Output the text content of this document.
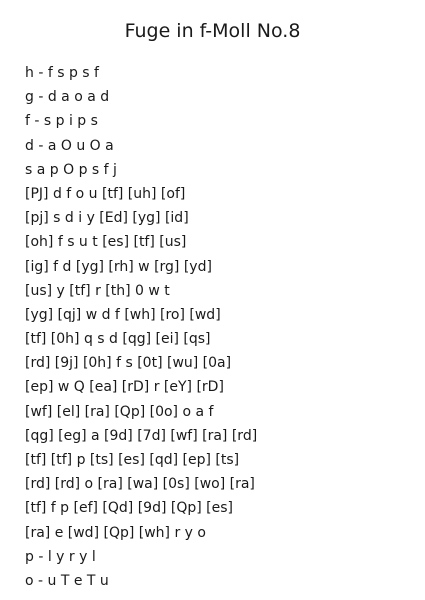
Fuge in f-Moll No.8
h - f s p s f
g - d a o a d
f - s p i p s
d - a O u O a
s a p O p s f j
[PJ] d f o u [tf] [uh] [of]
[pj] s d i y [Ed] [yg] [id]
[oh] f s u t [es] [tf] [us]
[ig] f d [yg] [rh] w [rg] [yd]
[us] y [tf] r [th] 0 w t
[yg] [qj] w d f [wh] [ro] [wd]
[tf] [0h] q s d [qg] [ei] [qs]
[rd] [9j] [0h] f s [0t] [wu] [0a]
[ep] w Q [ea] [rD] r [eY] [rD]
[wf] [el] [ra] [Qp] [0o] o a f
[qg] [eg] a [9d] [7d] [wf] [ra] [rd]
[tf] [tf] p [ts] [es] [qd] [ep] [ts]
[rd] [rd] o [ra] [wa] [0s] [wo] [ra]
[tf] f p [ef] [Qd] [9d] [Qp] [es]
[ra] e [wd] [Qp] [wh] r y o
p - l y r y l
o - u T e T u
